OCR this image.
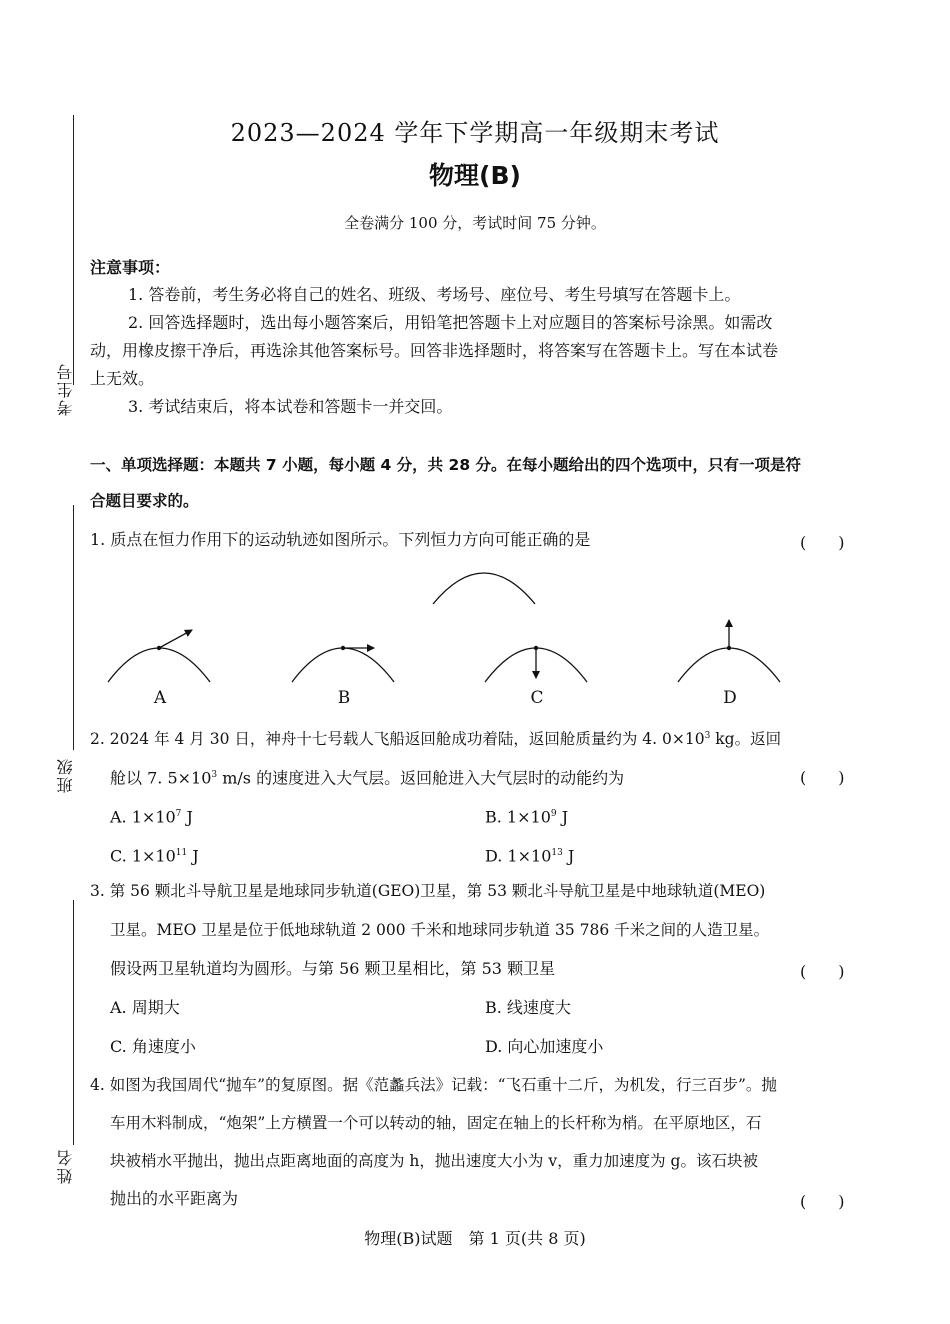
考生号
班级
姓名
2023—2024 学年下学期高一年级期末考试
物理(B)
全卷满分 100 分，考试时间 75 分钟。
注意事项：
1. 答卷前，考生务必将自己的姓名、班级、考场号、座位号、考生号填写在答题卡上。
2. 回答选择题时，选出每小题答案后，用铅笔把答题卡上对应题目的答案标号涂黑。如需改
动，用橡皮擦干净后，再选涂其他答案标号。回答非选择题时，将答案写在答题卡上。写在本试卷
上无效。
3. 考试结束后，将本试卷和答题卡一并交回。
一、单项选择题：本题共 7 小题，每小题 4 分，共 28 分。在每小题给出的四个选项中，只有一项是符
合题目要求的。
1. 质点在恒力作用下的运动轨迹如图所示。下列恒力方向可能正确的是	(　　)
A	B	C	D
2. 2024 年 4 月 30 日，神舟十七号载人飞船返回舱成功着陆，返回舱质量约为 4. $0\times 10^3$ kg。返回
舱以 7. $5\times 10^3$ m/s 的速度进入大气层。返回舱进入大气层时的动能约为	(　　)
A. $1\times 10^7$ J	B. $1\times 10^9$ J
C. $1\times 10^{11}$ J	D. $1\times 10^{13}$ J
3. 第 56 颗北斗导航卫星是地球同步轨道(GEO)卫星，第 53 颗北斗导航卫星是中地球轨道(MEO)
卫星。MEO 卫星是位于低地球轨道 2 000 千米和地球同步轨道 35 786 千米之间的人造卫星。
假设两卫星轨道均为圆形。与第 56 颗卫星相比，第 53 颗卫星	(　　)
A. 周期大	B. 线速度大
C. 角速度小	D. 向心加速度小
4. 如图为我国周代“抛车”的复原图。据《范蠡兵法》记载：“飞石重十二斤，为机发，行三百步”。抛
车用木料制成，“炮架”上方横置一个可以转动的轴，固定在轴上的长杆称为梢。在平原地区，石
块被梢水平抛出，抛出点距离地面的高度为 h，抛出速度大小为 v，重力加速度为 g。该石块被
抛出的水平距离为	(　　)
物理(B)试题　第 1 页(共 8 页)
